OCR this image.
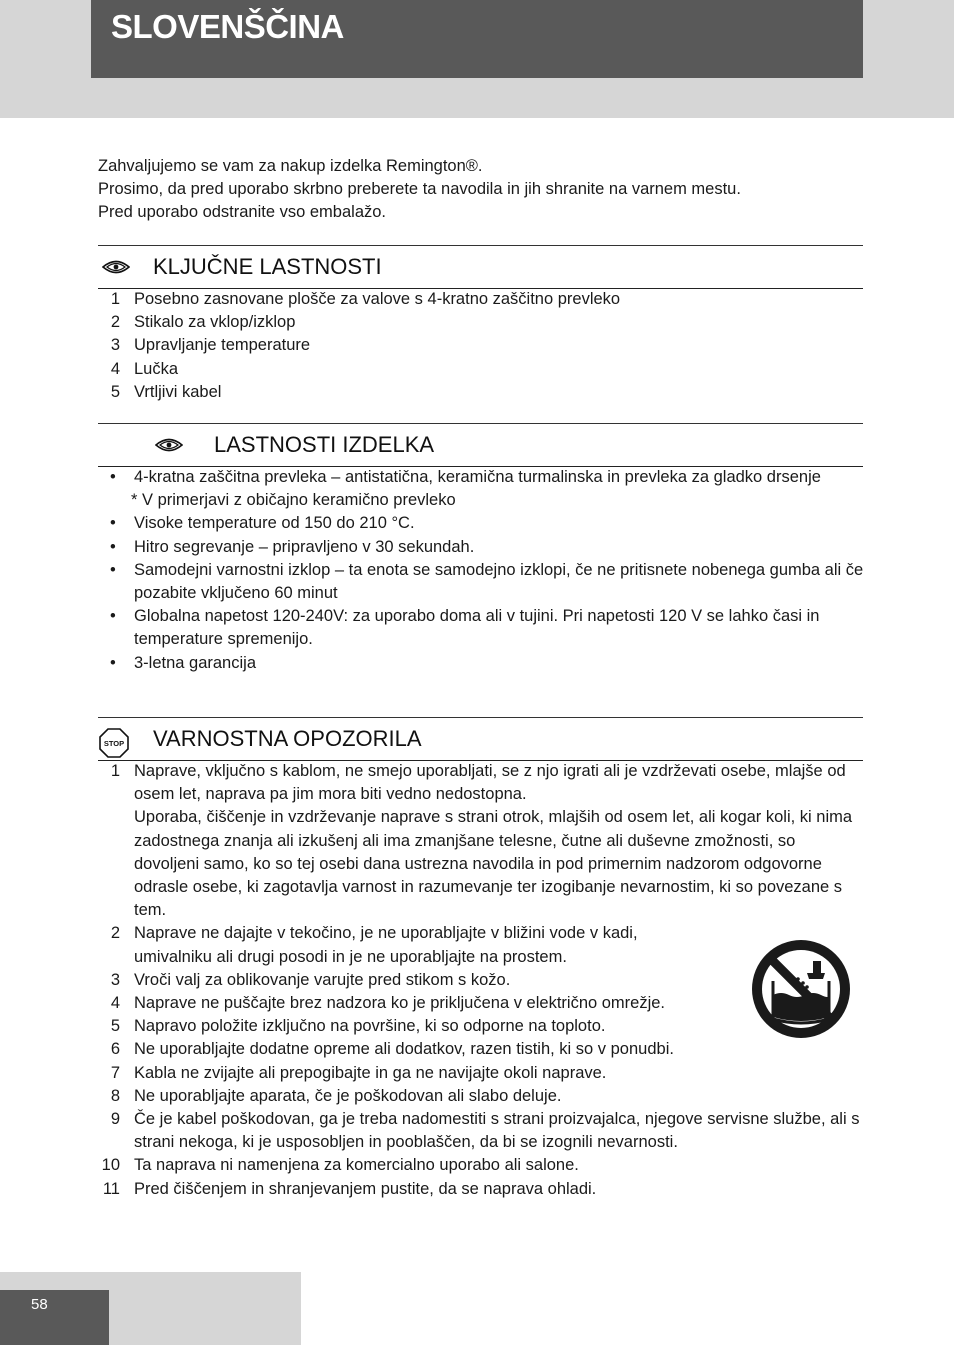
SLOVENŠČINA
Zahvaljujemo se vam za nakup izdelka Remington®.
Prosimo, da pred uporabo skrbno preberete ta navodila in jih shranite na varnem mestu.
Pred uporabo odstranite vso embalažo.
KLJUČNE LASTNOSTI
1 Posebno zasnovane plošče za valove s 4-kratno zaščitno prevleko
2 Stikalo za vklop/izklop
3 Upravljanje temperature
4 Lučka
5 Vrtljivi kabel
LASTNOSTI IZDELKA
• 4-kratna zaščitna prevleka – antistatična, keramična turmalinska in prevleka za gladko drsenje
* V primerjavi z običajno keramično prevleko
• Visoke temperature od 150 do 210 °C.
• Hitro segrevanje – pripravljeno v 30 sekundah.
• Samodejni varnostni izklop – ta enota se samodejno izklopi, če ne pritisnete nobenega gumba ali če pozabite vključeno 60 minut
• Globalna napetost 120-240V: za uporabo doma ali v tujini. Pri napetosti 120 V se lahko časi in temperature spremenijo.
• 3-letna garancija
STOP VARNOSTNA OPOZORILA
1 Naprave, vključno s kablom, ne smejo uporabljati, se z njo igrati ali je vzdrževati osebe, mlajše od osem let, naprava pa jim mora biti vedno nedostopna.
Uporaba, čiščenje in vzdrževanje naprave s strani otrok, mlajših od osem let, ali kogar koli, ki nima zadostnega znanja ali izkušenj ali ima zmanjšane telesne, čutne ali duševne zmožnosti, so dovoljeni samo, ko so tej osebi dana ustrezna navodila in pod primernim nadzorom odgovorne odrasle osebe, ki zagotavlja varnost in razumevanje ter izogibanje nevarnostim, ki so povezane s tem.
2 Naprave ne dajajte v tekočino, je ne uporabljajte v bližini vode v kadi, umivalniku ali drugi posodi in je ne uporabljajte na prostem.
3 Vroči valj za oblikovanje varujte pred stikom s kožo.
4 Naprave ne puščajte brez nadzora ko je priključena v električno omrežje.
5 Napravo položite izključno na površine, ki so odporne na toploto.
6 Ne uporabljajte dodatne opreme ali dodatkov, razen tistih, ki so v ponudbi.
7 Kabla ne zvijajte ali prepogibajte in ga ne navijajte okoli naprave.
8 Ne uporabljajte aparata, če je poškodovan ali slabo deluje.
9 Če je kabel poškodovan, ga je treba nadomestiti s strani proizvajalca, njegove servisne službe, ali s strani nekoga, ki je usposobljen in pooblaščen, da bi se izognili nevarnosti.
10 Ta naprava ni namenjena za komercialno uporabo ali salone.
11 Pred čiščenjem in shranjevanjem pustite, da se naprava ohladi.
58
